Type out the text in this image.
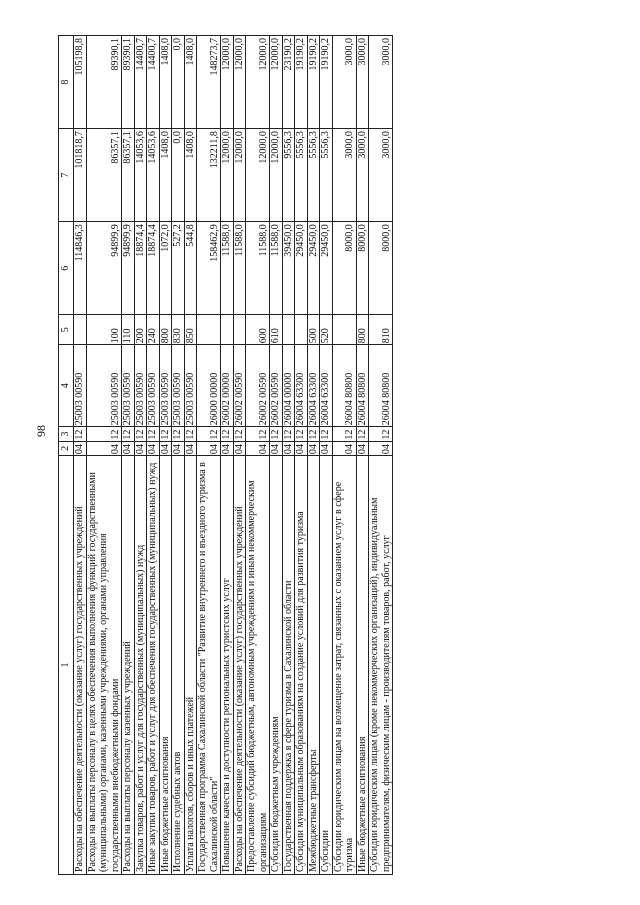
98
1	2	3	4	5	6	7	8
Расходы на обеспечение деятельности (оказание услуг) государственных учреждений	04	12	25003 00590		114846,3	101818,7	105198,8
Расходы на выплаты персоналу в целях обеспечения выполнения функций государственными (муниципальными) органами, казенными учреждениями, органами управления государственными внебюджетными фондами	04	12	25003 00590	100	94899,9	86357,1	89390,1
Расходы на выплаты персоналу казенных учреждений	04	12	25003 00590	110	94899,9	86357,1	89390,1
Закупка товаров, работ и услуг для государственных (муниципальных) нужд	04	12	25003 00590	200	18874,4	14053,6	14400,7
Иные закупки товаров, работ и услуг для обеспечения государственных (муниципальных) нужд	04	12	25003 00590	240	18874,4	14053,6	14400,7
Иные бюджетные ассигнования	04	12	25003 00590	800	1072,0	1408,0	1408,0
Исполнение судебных актов	04	12	25003 00590	830	527,2	0,0	0,0
Уплата налогов, сборов и иных платежей	04	12	25003 00590	850	544,8	1408,0	1408,0
Государственная программа Сахалинской области "Развитие внутреннего и въездного туризма в Сахалинской области"	04	12	26000 00000		158462,9	132211,8	148273,7
Повышение качества и доступности региональных туристских услуг	04	12	26002 00000		11588,0	12000,0	12000,0
Расходы на обеспечение деятельности (оказание услуг) государственных учреждений	04	12	26002 00590		11588,0	12000,0	12000,0
Предоставление субсидий бюджетным, автономным учреждениям и иным некоммерческим организациям	04	12	26002 00590	600	11588,0	12000,0	12000,0
Субсидии бюджетным учреждениям	04	12	26002 00590	610	11588,0	12000,0	12000,0
Государственная поддержка в сфере туризма в Сахалинской области	04	12	26004 00000		39450,0	9556,3	23190,2
Субсидии муниципальным образованиям на создание условий для развития туризма	04	12	26004 63300		29450,0	5556,3	19190,2
Межбюджетные трансферты	04	12	26004 63300	500	29450,0	5556,3	19190,2
Субсидии	04	12	26004 63300	520	29450,0	5556,3	19190,2
Субсидии юридическим лицам на возмещение затрат, связанных с оказанием услуг в сфере туризма	04	12	26004 80800		8000,0	3000,0	3000,0
Иные бюджетные ассигнования	04	12	26004 80800	800	8000,0	3000,0	3000,0
Субсидии юридическим лицам (кроме некоммерческих организаций), индивидуальным предпринимателям, физическим лицам - производителям товаров, работ, услуг	04	12	26004 80800	810	8000,0	3000,0	3000,0
